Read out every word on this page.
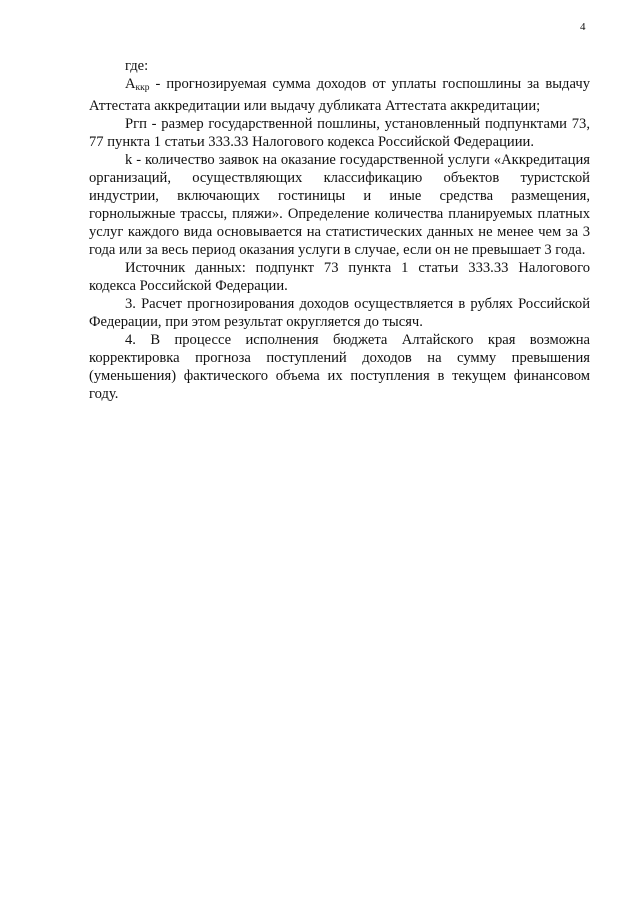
4

где:

$А_{ккр}$ - прогнозируемая сумма доходов от уплаты госпошлины за выдачу Аттестата аккредитации или выдачу дубликата Аттестата аккредитации;

Ргп - размер государственной пошлины, установленный подпунктами 73, 77 пункта 1 статьи 333.33 Налогового кодекса Российской Федерациии.

k - количество заявок на оказание государственной услуги «Аккредитация организаций, осуществляющих классификацию объектов туристской индустрии, включающих гостиницы и иные средства размещения, горнолыжные трассы, пляжи». Определение количества планируемых платных услуг каждого вида основывается на статистических данных не менее чем за 3 года или за весь период оказания услуги в случае, если он не превышает 3 года.

Источник данных: подпункт 73 пункта 1 статьи 333.33 Налогового кодекса Российской Федерации.

3. Расчет прогнозирования доходов осуществляется в рублях Российской Федерации, при этом результат округляется до тысяч.

4. В процессе исполнения бюджета Алтайского края возможна корректировка прогноза поступлений доходов на сумму превышения (уменьшения) фактического объема их поступления в текущем финансовом году.
